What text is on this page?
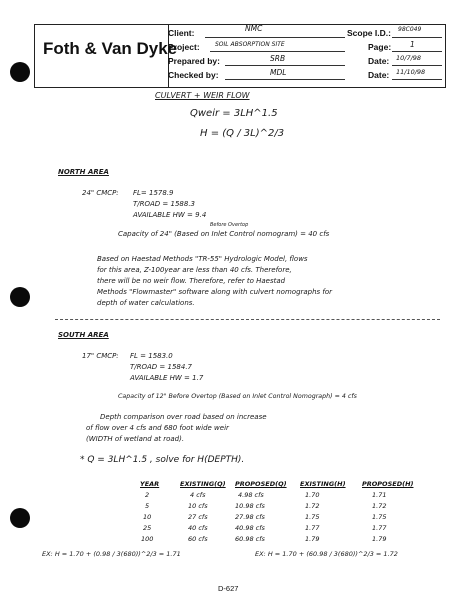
Foth & Van Dyke
Client:	NMC
Project:	SOIL ABSORPTION SITE
Prepared by:	SRB
Checked by:	MDL
Scope I.D.: 98C049
Page:	1
Date: 10/7/98
Date: 11/10/98
CULVERT + WEIR FLOW
Qweir = 3LH^1.5
H = (Q / 3L)^2/3
NORTH AREA
24" CMCP: FL= 1578.9
T/ROAD = 1588.3
AVAILABLE HW = 9.4
Before Overtop
Capacity of 24" (Based on Inlet Control nomogram) = 40 cfs
Based on Haestad Methods "TR-55" Hydrologic Model, flows
for this area, Z-100year are less than 40 cfs. Therefore,
there will be no weir flow. Therefore, refer to Haestad
Methods "Flowmaster" software along with culvert nomographs for
depth of water calculations.
SOUTH AREA
17" CMCP: FL = 1583.0
T/ROAD = 1584.7
AVAILABLE HW = 1.7
Capacity of 12" Before Overtop (Based on Inlet Control Nomograph) = 4 cfs
Depth comparison over road based on increase
of flow over 4 cfs and 680 foot wide weir
(WIDTH of wetland at road).
* Q = 3LH^1.5 , solve for H(DEPTH).
YEAR	EXISTING(Q) PROPOSED(Q) EXISTING(H)	PROPOSED(H)
2	4 cfs	4.98 cfs	1.70	1.71
5	10 cfs	10.98 cfs	1.72	1.72
10	27 cfs	27.98 cfs	1.75	1.75
25	40 cfs	40.98 cfs	1.77	1.77
100	60 cfs	60.98 cfs	1.79	1.79
EX: H = 1.70 + (0.98 / 3(680))^2/3 = 1.71	EX: H = 1.70 + (60.98 / 3(680))^2/3 = 1.72
D-627
